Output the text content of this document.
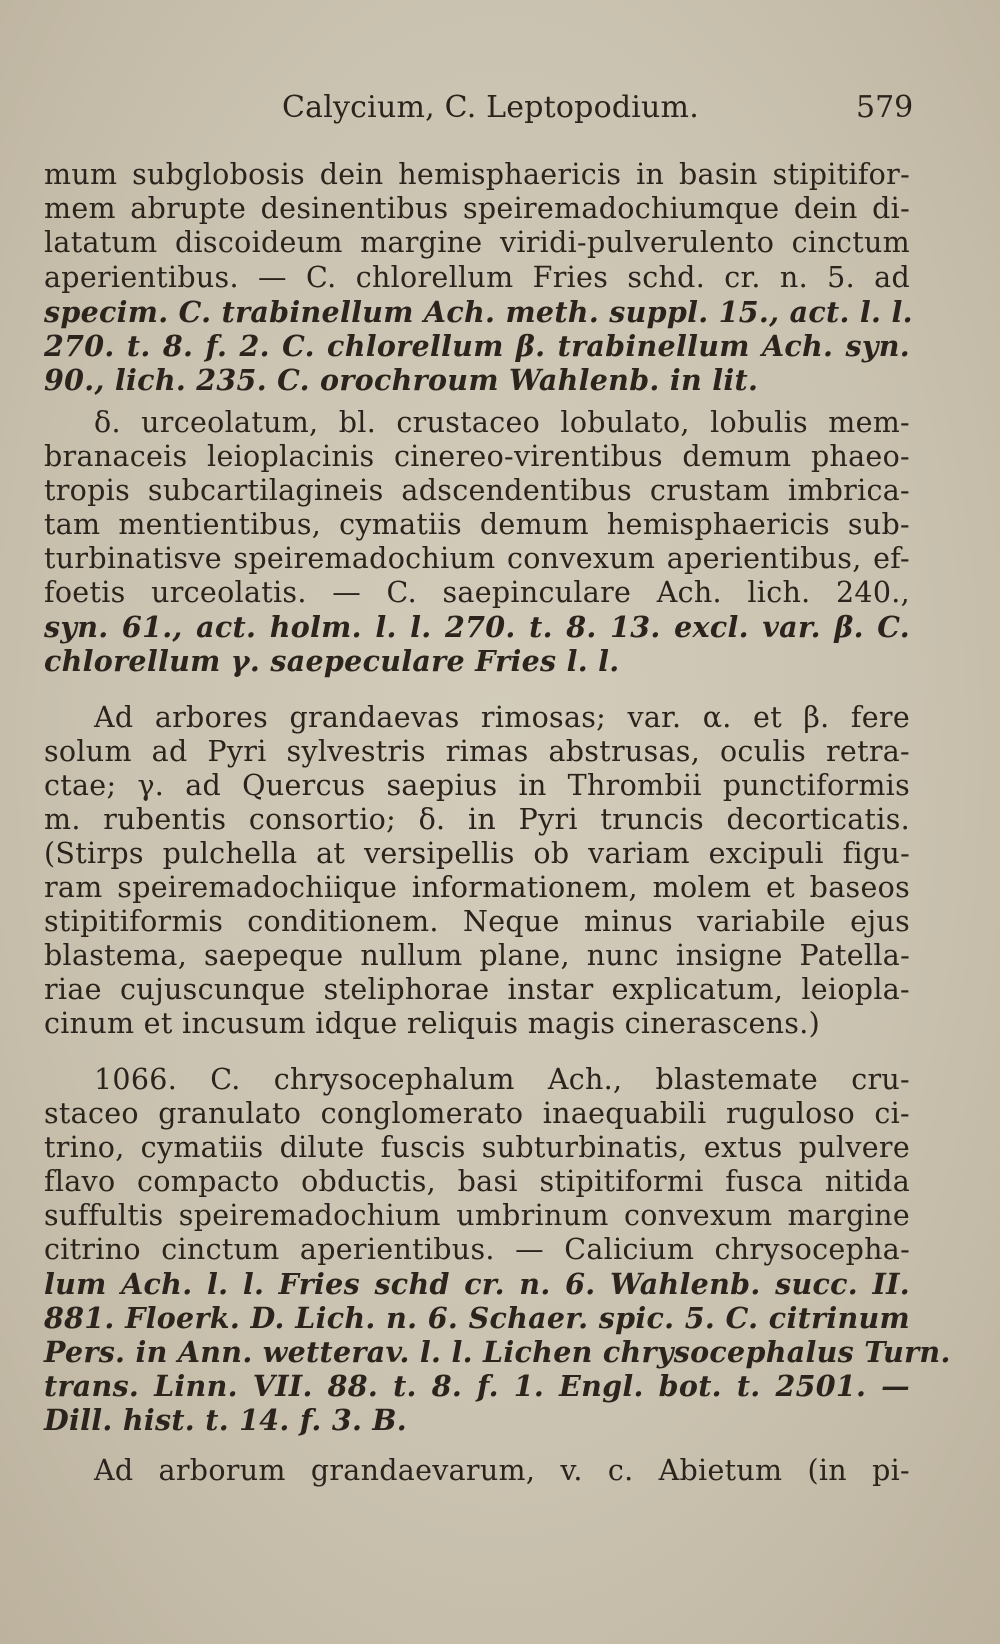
Calycium, C. Leptopodium.	579
mum subglobosis dein hemisphaericis in basin stipitifor-
mem abrupte desinentibus speiremadochiumque dein di-
latatum discoideum margine viridi-pulverulento cinctum
aperientibus. — C. chlorellum Fries schd. cr. n. 5. ad
specim. C. trabinellum Ach. meth. suppl. 15., act. l. l.
270. t. 8. f. 2. C. chlorellum β. trabinellum Ach. syn.
90., lich. 235. C. orochroum Wahlenb. in lit.
δ. urceolatum, bl. crustaceo lobulato, lobulis mem-
branaceis leioplacinis cinereo-virentibus demum phaeo-
tropis subcartilagineis adscendentibus crustam imbrica-
tam mentientibus, cymatiis demum hemisphaericis sub-
turbinatisve speiremadochium convexum aperientibus, ef-
foetis urceolatis. — C. saepinculare Ach. lich. 240.,
syn. 61., act. holm. l. l. 270. t. 8. 13. excl. var. β. C.
chlorellum γ. saepeculare Fries l. l.
Ad arbores grandaevas rimosas; var. α. et β. fere
solum ad Pyri sylvestris rimas abstrusas, oculis retra-
ctae; γ. ad Quercus saepius in Thrombii punctiformis
m. rubentis consortio; δ. in Pyri truncis decorticatis.
(Stirps pulchella at versipellis ob variam excipuli figu-
ram speiremadochiique informationem, molem et baseos
stipitiformis conditionem. Neque minus variabile ejus
blastema, saepeque nullum plane, nunc insigne Patella-
riae cujuscunque steliphorae instar explicatum, leiopla-
cinum et incusum idque reliquis magis cinerascens.)
1066. C. chrysocephalum Ach., blastemate cru-
staceo granulato conglomerato inaequabili ruguloso ci-
trino, cymatiis dilute fuscis subturbinatis, extus pulvere
flavo compacto obductis, basi stipitiformi fusca nitida
suffultis speiremadochium umbrinum convexum margine
citrino cinctum aperientibus. — Calicium chrysocepha-
lum Ach. l. l. Fries schd cr. n. 6. Wahlenb. succ. II.
881. Floerk. D. Lich. n. 6. Schaer. spic. 5. C. citrinum
Pers. in Ann. wetterav. l. l. Lichen chrysocephalus Turn.
trans. Linn. VII. 88. t. 8. f. 1. Engl. bot. t. 2501. —
Dill. hist. t. 14. f. 3. B.
Ad arborum grandaevarum, v. c. Abietum (in pi-
